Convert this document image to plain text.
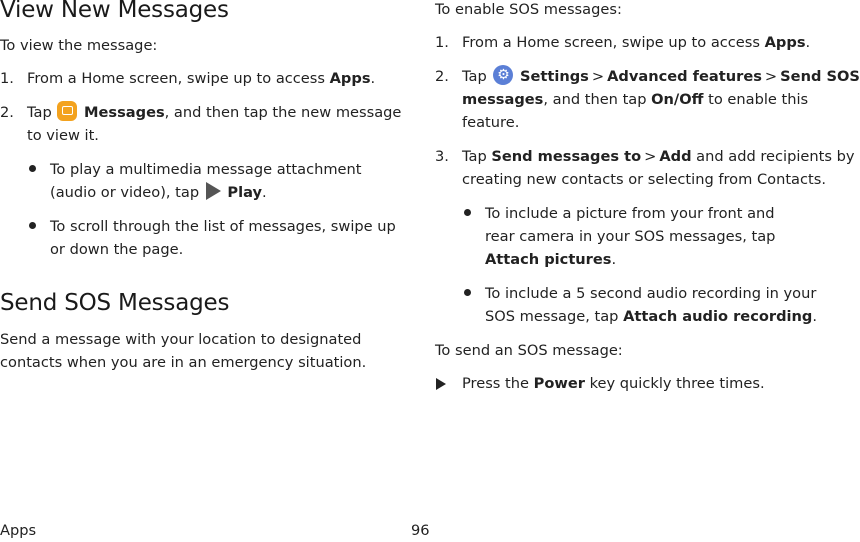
View New Messages

To view the message:

1. From a Home screen, swipe up to access Apps.

2. Tap  Messages, and then tap the new message

to view it.

To play a multimedia message attachment

(audio or video), tap  Play.

To scroll through the list of messages, swipe up

or down the page.

Send SOS Messages

Send a message with your location to designated

contacts when you are in an emergency situation.

To enable SOS messages:

1. From a Home screen, swipe up to access Apps.

2. Tap ⚙ Settings > Advanced features > Send SOS

messages, and then tap On/Off to enable this

feature.

3. Tap Send messages to > Add and add recipients by

creating new contacts or selecting from Contacts.

To include a picture from your front and

rear camera in your SOS messages, tap

Attach pictures.

To include a 5 second audio recording in your

SOS message, tap Attach audio recording.

To send an SOS message:

Press the Power key quickly three times.

Apps	96
